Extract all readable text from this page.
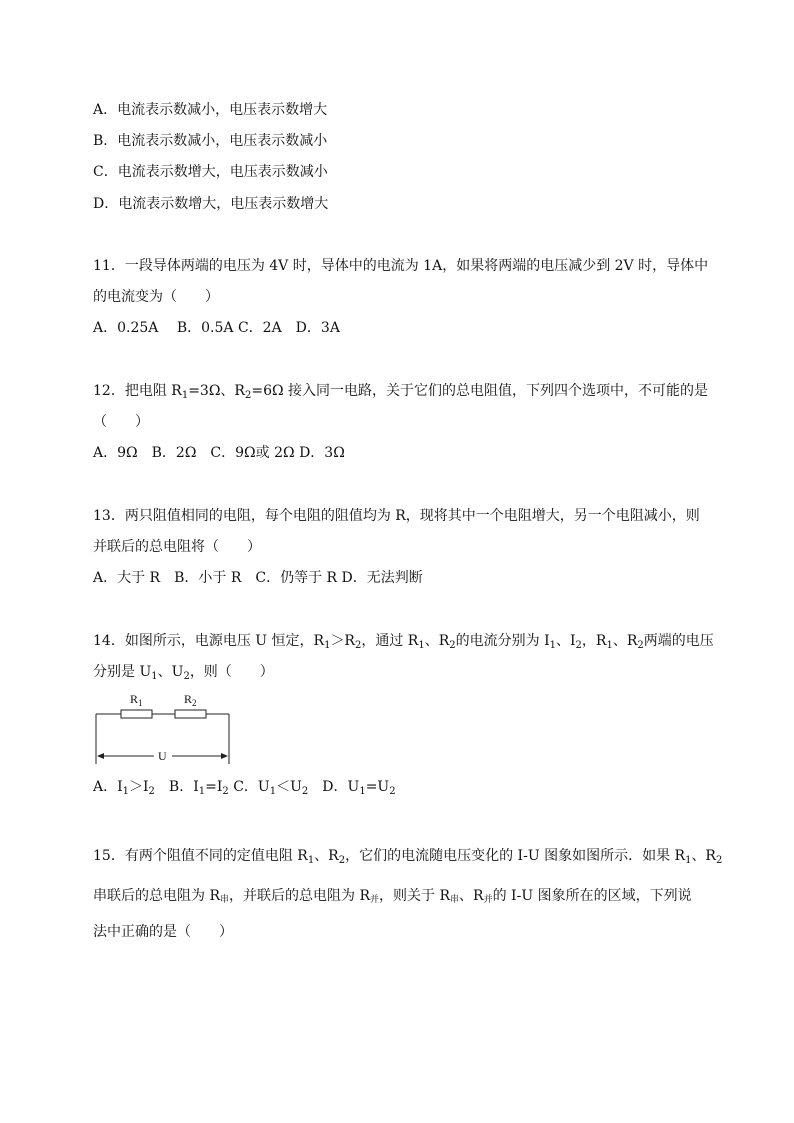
A．电流表示数减小，电压表示数增大
B．电流表示数减小，电压表示数减小
C．电流表示数增大，电压表示数减小
D．电流表示数增大，电压表示数增大
11．一段导体两端的电压为 4V 时，导体中的电流为 1A，如果将两端的电压减少到 2V 时，导体中
的电流变为（　　）
A．0.25A　 B．0.5A C．2A　D．3A
12．把电阻 $R_1=3\Omega$、$R_2=6\Omega$ 接入同一电路，关于它们的总电阻值，下列四个选项中，不可能的是
（　　）
A．9Ω　B．2Ω　C．9Ω或 2Ω D．3Ω
13．两只阻值相同的电阻，每个电阻的阻值均为 R，现将其中一个电阻增大，另一个电阻减小，则
并联后的总电阻将（　　）
A．大于 R　B．小于 R　C．仍等于 R D．无法判断
14．如图所示，电源电压 U 恒定，$R_1>R_2$，通过 $R_1$、$R_2$的电流分别为 $I_1$、$I_2$，$R_1$、$R_2$两端的电压
分别是 $U_1$、$U_2$，则（　　）
$R_1$	$R_2$
U
A．$I_1>I_2$　B．$I_1=I_2$ C．$U_1<U_2$　D．$U_1=U_2$
15．有两个阻值不同的定值电阻 $R_1$、$R_2$，它们的电流随电压变化的 I-U 图象如图所示．如果 $R_1$、$R_2$
串联后的总电阻为 $R_串$，并联后的总电阻为 $R_并$，则关于 $R_串$、$R_并$的 I-U 图象所在的区域，下列说
法中正确的是（　　）
